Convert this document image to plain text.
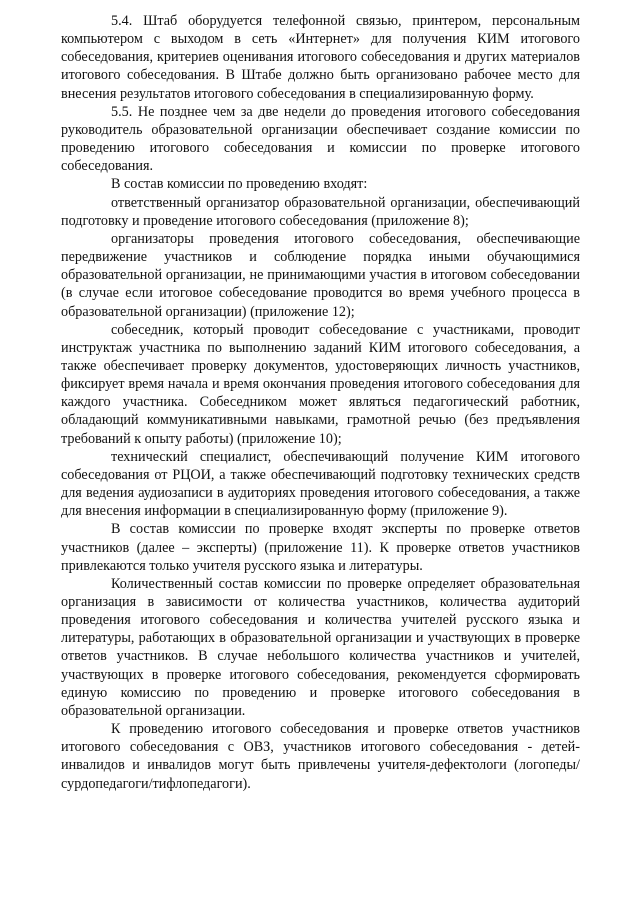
5.4. Штаб оборудуется телефонной связью, принтером, персональным компьютером с выходом в сеть «Интернет» для получения КИМ итогового собеседования, критериев оценивания итогового собеседования и других материалов итогового собеседования. В Штабе должно быть организовано рабочее место для внесения результатов итогового собеседования в специализированную форму.

5.5. Не позднее чем за две недели до проведения итогового собеседования руководитель образовательной организации обеспечивает создание комиссии по проведению итогового собеседования и комиссии по проверке итогового собеседования.

В состав комиссии по проведению входят:

ответственный организатор образовательной организации, обеспечивающий подготовку и проведение итогового собеседования (приложение 8);

организаторы проведения итогового собеседования, обеспечивающие передвижение участников и соблюдение порядка иными обучающимися образовательной организации, не принимающими участия в итоговом собеседовании (в случае если итоговое собеседование проводится во время учебного процесса в образовательной организации) (приложение 12);

собеседник, который проводит собеседование с участниками, проводит инструктаж участника по выполнению заданий КИМ итогового собеседования, а также обеспечивает проверку документов, удостоверяющих личность участников, фиксирует время начала и время окончания проведения итогового собеседования для каждого участника. Собеседником может являться педагогический работник, обладающий коммуникативными навыками, грамотной речью (без предъявления требований к опыту работы) (приложение 10);

технический специалист, обеспечивающий получение КИМ итогового собеседования от РЦОИ, а также обеспечивающий подготовку технических средств для ведения аудиозаписи в аудиториях проведения итогового собеседования, а также для внесения информации в специализированную форму (приложение 9).

В состав комиссии по проверке входят эксперты по проверке ответов участников (далее – эксперты) (приложение 11). К проверке ответов участников привлекаются только учителя русского языка и литературы.

Количественный состав комиссии по проверке определяет образовательная организация в зависимости от количества участников, количества аудиторий проведения итогового собеседования и количества учителей русского языка и литературы, работающих в образовательной организации и участвующих в проверке ответов участников. В случае небольшого количества участников и учителей, участвующих в проверке итогового собеседования, рекомендуется сформировать единую комиссию по проведению и проверке итогового собеседования в образовательной организации.

К проведению итогового собеседования и проверке ответов участников итогового собеседования с ОВЗ, участников итогового собеседования - детей-инвалидов и инвалидов могут быть привлечены учителя-дефектологи (логопеды/сурдопедагоги/тифлопедагоги).
